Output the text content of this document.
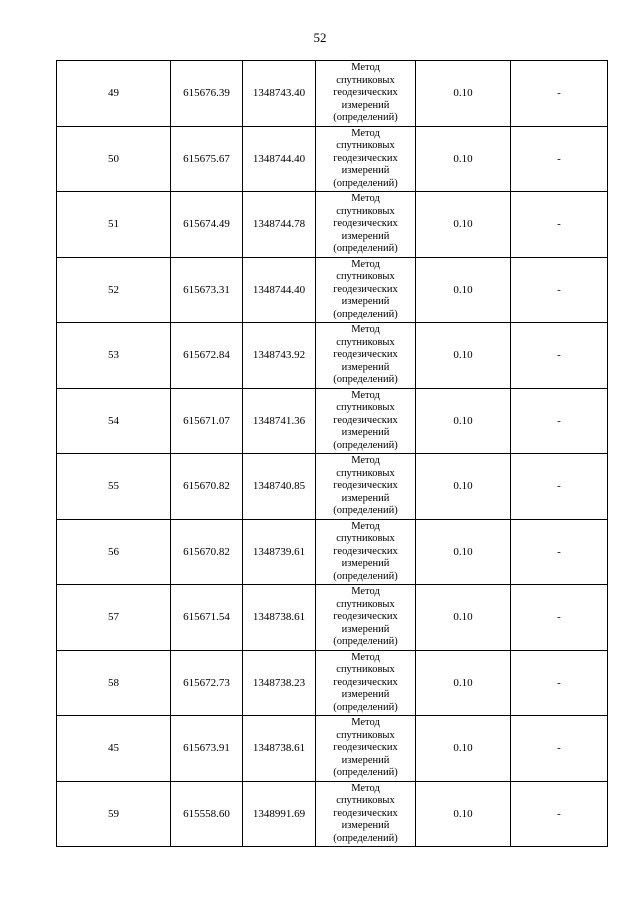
52
49	615676.39	1348743.40	Метод
спутниковых
геодезических
измерений
(определений)	0.10	-
50	615675.67	1348744.40	Метод
спутниковых
геодезических
измерений
(определений)	0.10	-
51	615674.49	1348744.78	Метод
спутниковых
геодезических
измерений
(определений)	0.10	-
52	615673.31	1348744.40	Метод
спутниковых
геодезических
измерений
(определений)	0.10	-
53	615672.84	1348743.92	Метод
спутниковых
геодезических
измерений
(определений)	0.10	-
54	615671.07	1348741.36	Метод
спутниковых
геодезических
измерений
(определений)	0.10	-
55	615670.82	1348740.85	Метод
спутниковых
геодезических
измерений
(определений)	0.10	-
56	615670.82	1348739.61	Метод
спутниковых
геодезических
измерений
(определений)	0.10	-
57	615671.54	1348738.61	Метод
спутниковых
геодезических
измерений
(определений)	0.10	-
58	615672.73	1348738.23	Метод
спутниковых
геодезических
измерений
(определений)	0.10	-
45	615673.91	1348738.61	Метод
спутниковых
геодезических
измерений
(определений)	0.10	-
59	615558.60	1348991.69	Метод
спутниковых
геодезических
измерений
(определений)	0.10	-
